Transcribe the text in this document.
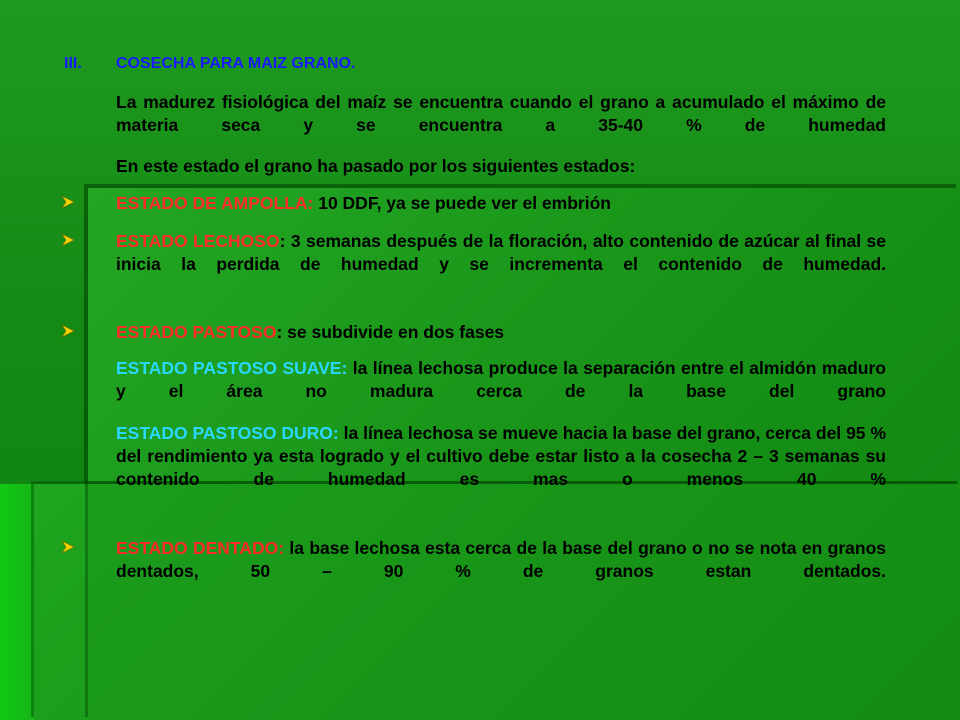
III. COSECHA PARA MAIZ GRANO.
La madurez fisiológica del maíz se encuentra cuando el grano a acumulado el máximo de materia seca y se encuentra a 35-40 % de humedad
En este estado el grano ha pasado por los siguientes estados:
ESTADO DE AMPOLLA: 10 DDF, ya se puede ver el embrión
ESTADO LECHOSO: 3 semanas después de la floración, alto contenido de azúcar al final se inicia la perdida de humedad y se incrementa el contenido de humedad.
ESTADO PASTOSO: se subdivide en dos fases
ESTADO PASTOSO SUAVE: la línea lechosa produce la separación entre el almidón maduro y el área no madura cerca de la base del grano
ESTADO PASTOSO DURO: la línea lechosa se mueve hacia la base del grano, cerca del 95 % del rendimiento ya esta logrado y el cultivo debe estar listo a la cosecha 2 – 3 semanas su contenido de humedad es mas o menos 40 %
ESTADO DENTADO: la base lechosa esta cerca de la base del grano o no se nota en granos dentados, 50 – 90 % de granos estan dentados.
